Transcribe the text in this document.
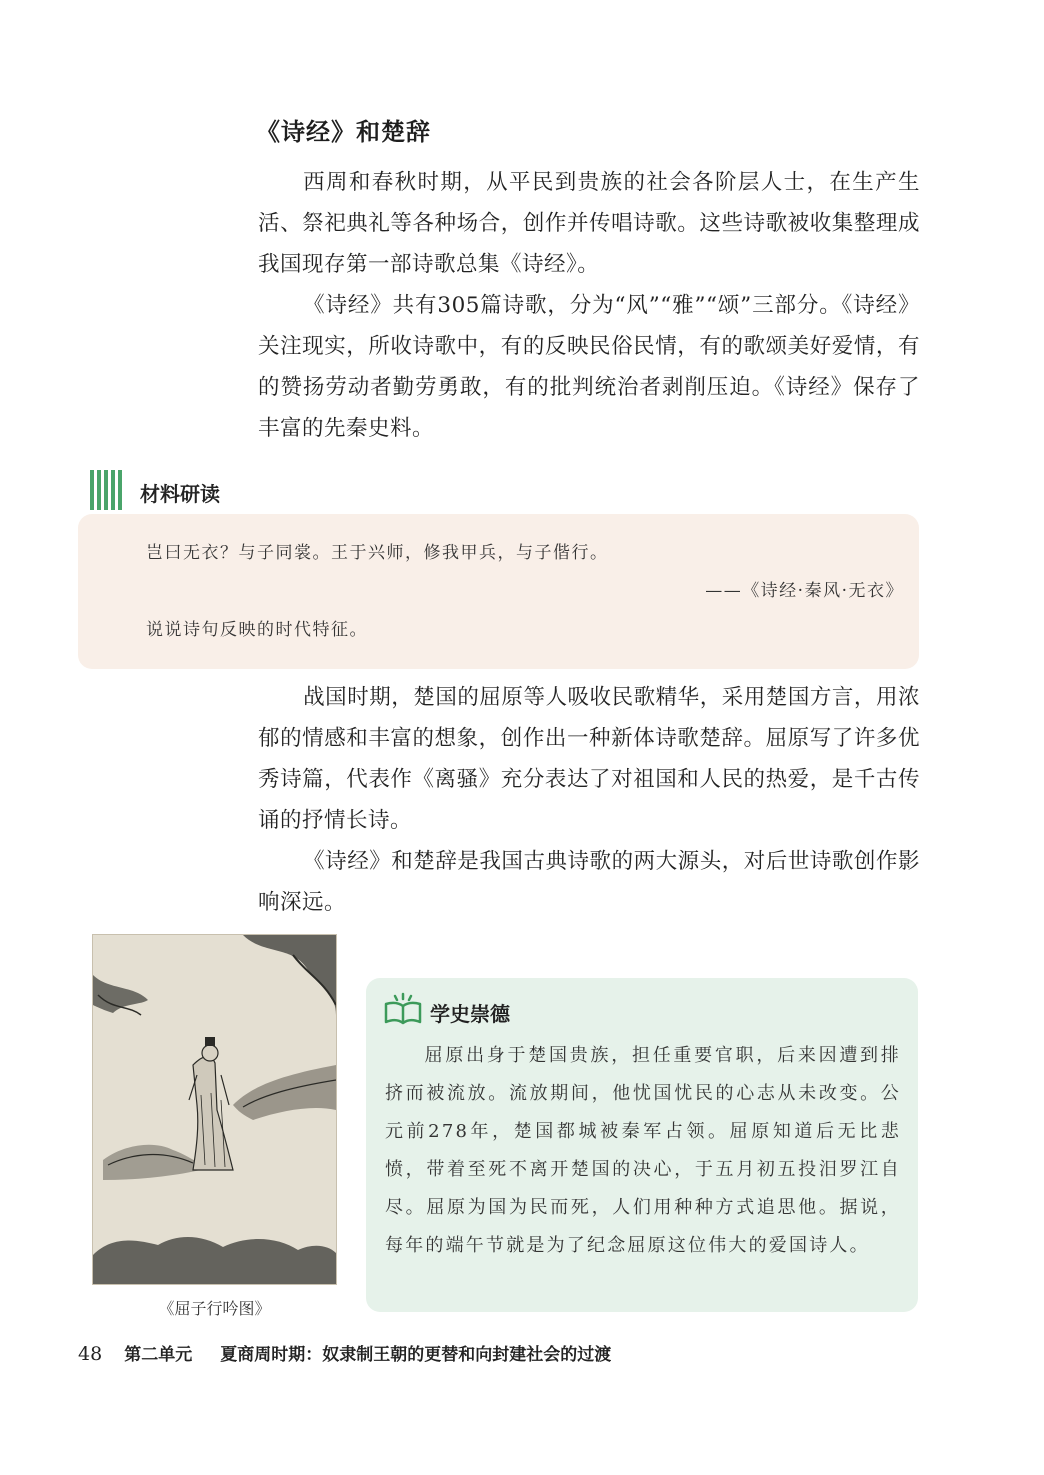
《诗经》和楚辞

西周和春秋时期，从平民到贵族的社会各阶层人士，在生产生活、祭祀典礼等各种场合，创作并传唱诗歌。这些诗歌被收集整理成我国现存第一部诗歌总集《诗经》。

《诗经》共有305篇诗歌，分为“风”“雅”“颂”三部分。《诗经》关注现实，所收诗歌中，有的反映民俗民情，有的歌颂美好爱情，有的赞扬劳动者勤劳勇敢，有的批判统治者剥削压迫。《诗经》保存了丰富的先秦史料。

材料研读
岂曰无衣？与子同裳。王于兴师，修我甲兵，与子偕行。
——《诗经·秦风·无衣》
说说诗句反映的时代特征。

战国时期，楚国的屈原等人吸收民歌精华，采用楚国方言，用浓郁的情感和丰富的想象，创作出一种新体诗歌楚辞。屈原写了许多优秀诗篇，代表作《离骚》充分表达了对祖国和人民的热爱，是千古传诵的抒情长诗。

《诗经》和楚辞是我国古典诗歌的两大源头，对后世诗歌创作影响深远。

《屈子行吟图》
学史崇德

屈原出身于楚国贵族，担任重要官职，后来因遭到排挤而被流放。流放期间，他忧国忧民的心志从未改变。公元前278年，楚国都城被秦军占领。屈原知道后无比悲愤，带着至死不离开楚国的决心，于五月初五投汨罗江自尽。屈原为国为民而死，人们用种种方式追思他。据说，每年的端午节就是为了纪念屈原这位伟大的爱国诗人。

48 第二单元 夏商周时期：奴隶制王朝的更替和向封建社会的过渡
